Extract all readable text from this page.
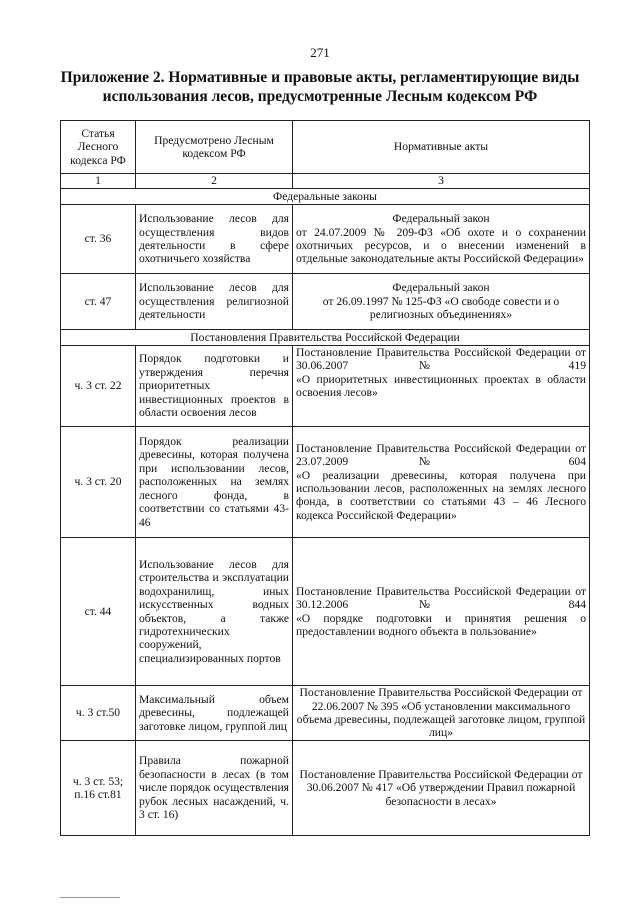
271
Приложение 2. Нормативные и правовые акты, регламентирующие виды использования лесов, предусмотренные Лесным кодексом РФ
Статья Лесного кодекса РФ	Предусмотрено Лесным кодексом РФ	Нормативные акты
1	2	3
Федеральные законы		
ст. 36	Использование лесов для осуществления видов деятельности в сфере охотничьего хозяйства	Федеральный закон
от 24.07.2009 № 209-ФЗ «Об охоте и о сохранении охотничьих ресурсов, и о внесении изменений в отдельные законодательные акты Российской Федерации»

ст. 47	Использование лесов для осуществления религиозной деятельности	Федеральный закон
от 26.09.1997 № 125-ФЗ «О свободе совести и о религиозных объединениях»

Постановления Правительства Российской Федерации		
ч. 3 ст. 22	Порядок подготовки и утверждения перечня приоритетных инвестиционных проектов в области освоения лесов	Постановление Правительства Российской Федерации от 30.06.2007 № 419
«О приоритетных инвестиционных проектах в области освоения лесов»

ч. 3 ст. 20	Порядок реализации древесины, которая получена при использовании лесов, расположенных на землях лесного фонда, в соответствии со статьями 43-46	Постановление Правительства Российской Федерации от 23.07.2009 № 604
«О реализации древесины, которая получена при использовании лесов, расположенных на землях лесного фонда, в соответствии со статьями 43 – 46 Лесного кодекса Российской Федерации»

ст. 44	Использование лесов для строительства и эксплуатации водохранилищ, иных искусственных водных объектов, а также гидротехнических сооружений, специализированных портов	Постановление Правительства Российской Федерации от 30.12.2006 № 844
«О порядке подготовки и принятия решения о предоставлении водного объекта в пользование»

ч. 3 ст.50	Максимальный объем древесины, подлежащей заготовке лицом, группой лиц	Постановление Правительства Российской Федерации от 22.06.2007 № 395 «Об установлении максимального объема древесины, подлежащей заготовке лицом, группой лиц»

ч. 3 ст. 53; п.16 ст.81	Правила пожарной безопасности в лесах (в том числе порядок осуществления рубок лесных насаждений, ч. 3 ст. 16)	Постановление Правительства Российской Федерации от 30.06.2007 № 417 «Об утверждении Правил пожарной безопасности в лесах»
